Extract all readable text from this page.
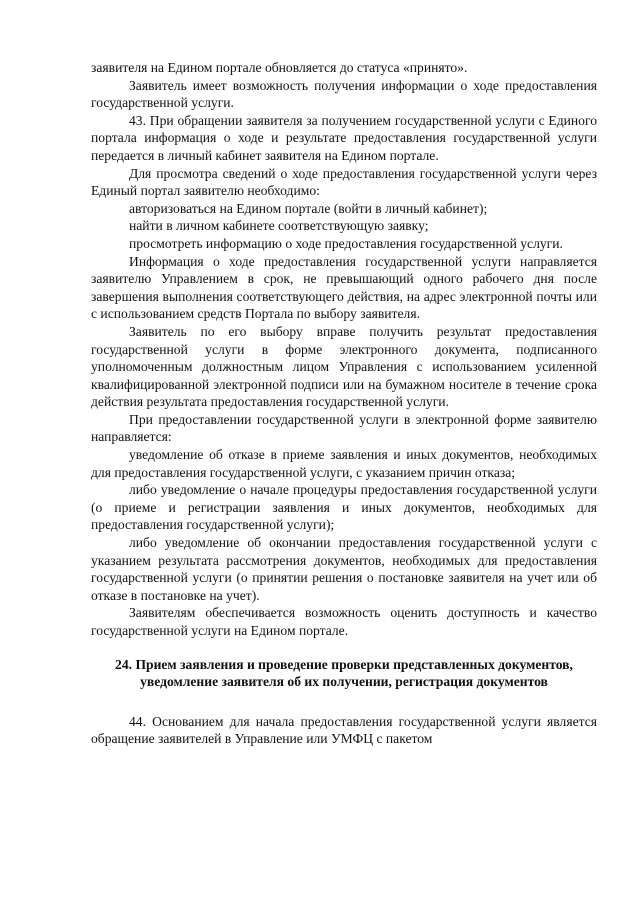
заявителя на Едином портале обновляется до статуса «принято».

Заявитель имеет возможность получения информации о ходе предоставления государственной услуги.

43. При обращении заявителя за получением государственной услуги с Единого портала информация о ходе и результате предоставления государственной услуги передается в личный кабинет заявителя на Едином портале.

Для просмотра сведений о ходе предоставления государственной услуги через Единый портал заявителю необходимо:

авторизоваться на Едином портале (войти в личный кабинет);

найти в личном кабинете соответствующую заявку;

просмотреть информацию о ходе предоставления государственной услуги.

Информация о ходе предоставления государственной услуги направляется заявителю Управлением в срок, не превышающий одного рабочего дня после завершения выполнения соответствующего действия, на адрес электронной почты или с использованием средств Портала по выбору заявителя.

Заявитель по его выбору вправе получить результат предоставления государственной услуги в форме электронного документа, подписанного уполномоченным должностным лицом Управления с использованием усиленной квалифицированной электронной подписи или на бумажном носителе в течение срока действия результата предоставления государственной услуги.

При предоставлении государственной услуги в электронной форме заявителю направляется:

уведомление об отказе в приеме заявления и иных документов, необходимых для предоставления государственной услуги, с указанием причин отказа;

либо уведомление о начале процедуры предоставления государственной услуги (о приеме и регистрации заявления и иных документов, необходимых для предоставления государственной услуги);

либо уведомление об окончании предоставления государственной услуги с указанием результата рассмотрения документов, необходимых для предоставления государственной услуги (о принятии решения о постановке заявителя на учет или об отказе в постановке на учет).

Заявителям обеспечивается возможность оценить доступность и качество государственной услуги на Едином портале.

24. Прием заявления и проведение проверки представленных документов, уведомление заявителя об их получении, регистрация документов

44. Основанием для начала предоставления государственной услуги является обращение заявителей в Управление или УМФЦ с пакетом
